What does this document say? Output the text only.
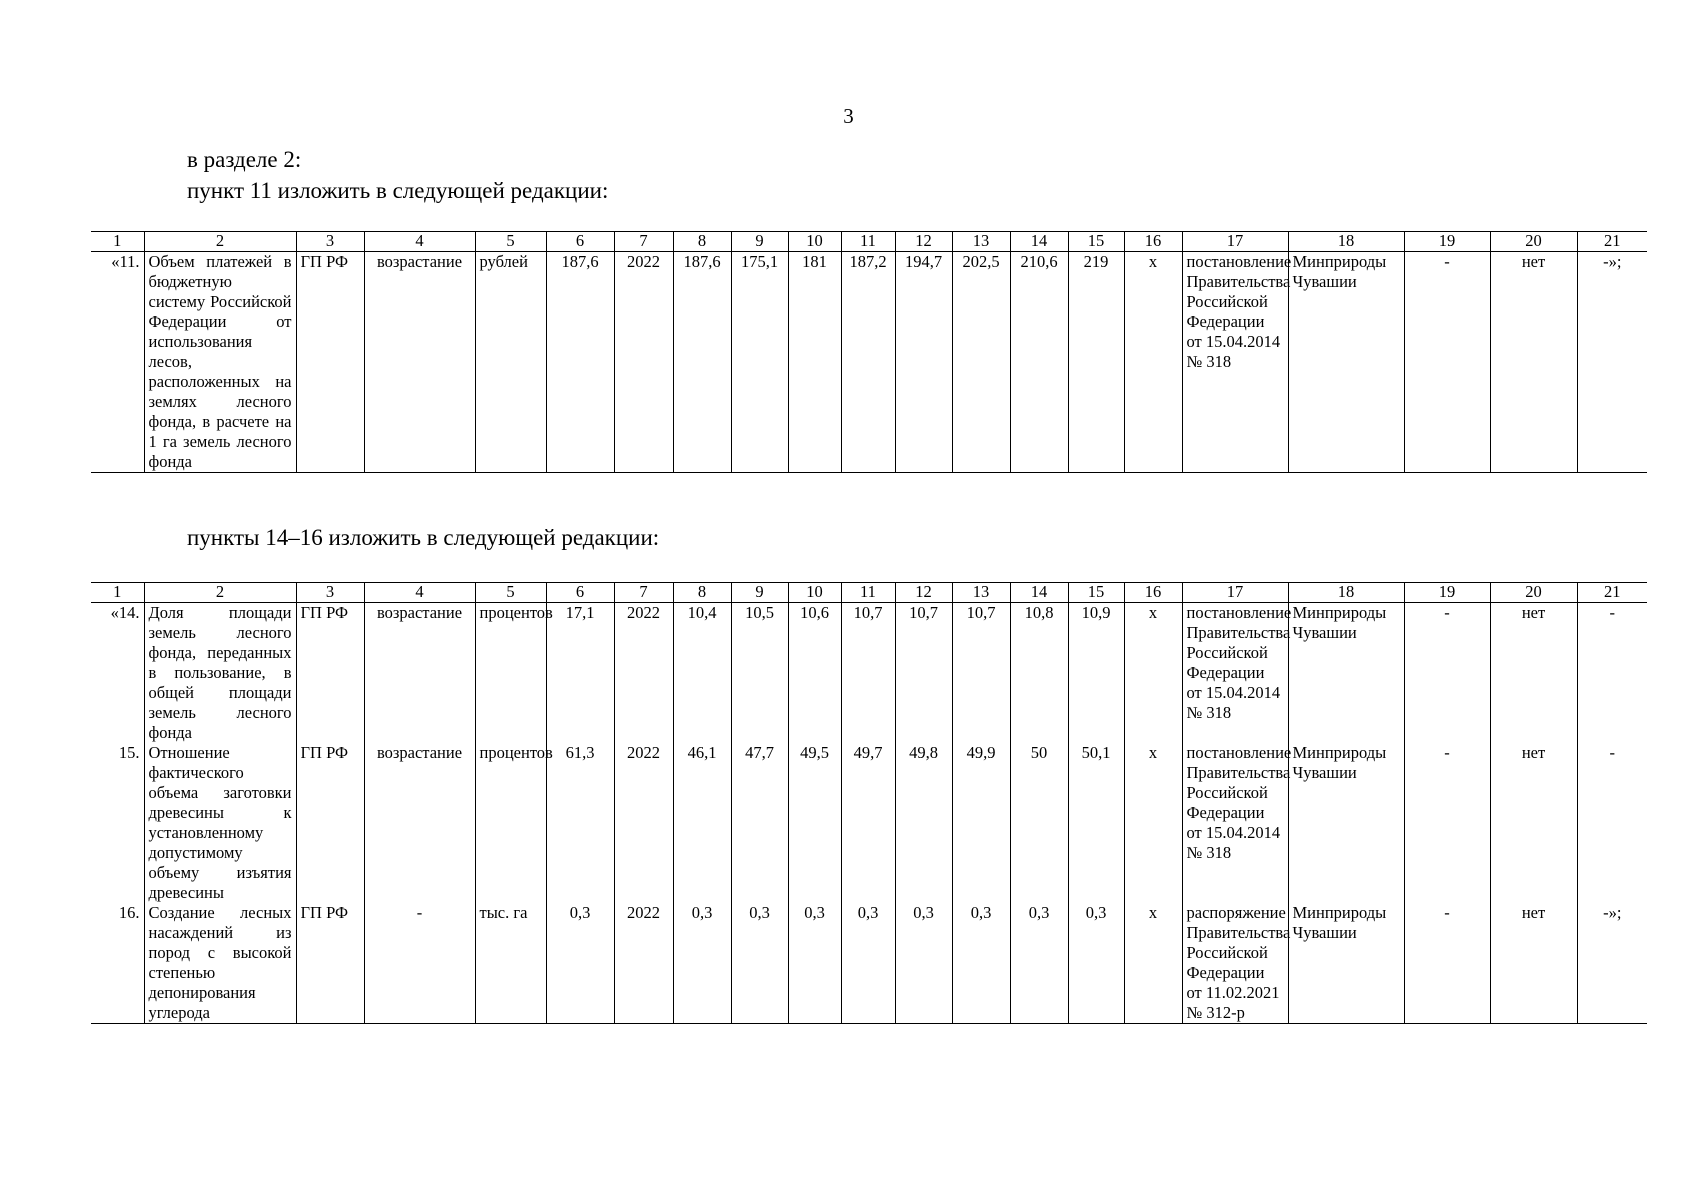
3
в разделе 2:
пункт 11 изложить в следующей редакции:
1	2	3	4	5	6	7	8	9	10	11	12	13	14	15	16	17	18	19	20	21
«11.	Объем платежей в бюджетную систему Российской Федерации от использования лесов, расположенных на землях лесного фонда, в расчете на 1 га земель лесного фонда	ГП РФ	возрастание	рублей	187,6	2022	187,6	175,1	181	187,2	194,7	202,5	210,6	219	x	постановление Правительства Российской Федерации от 15.04.2014 № 318	Минприроды Чувашии	-	нет	-»;
пункты 14–16 изложить в следующей редакции:
1	2	3	4	5	6	7	8	9	10	11	12	13	14	15	16	17	18	19	20	21
«14.	Доля площади земель лесного фонда, переданных в пользование, в общей площади земель лесного фонда	ГП РФ	возрастание	процентов	17,1	2022	10,4	10,5	10,6	10,7	10,7	10,7	10,8	10,9	x	постановление Правительства Российской Федерации от 15.04.2014 № 318	Минприроды Чувашии	-	нет	-
15.	Отношение фактического объема заготовки древесины к установленному допустимому объему изъятия древесины	ГП РФ	возрастание	процентов	61,3	2022	46,1	47,7	49,5	49,7	49,8	49,9	50	50,1	x	постановление Правительства Российской Федерации от 15.04.2014 № 318	Минприроды Чувашии	-	нет	-
16.	Создание лесных насаждений из пород с высокой степенью депонирования углерода	ГП РФ	-	тыс. га	0,3	2022	0,3	0,3	0,3	0,3	0,3	0,3	0,3	0,3	x	распоряжение Правительства Российской Федерации от 11.02.2021 № 312-р	Минприроды Чувашии	-	нет	-»;
